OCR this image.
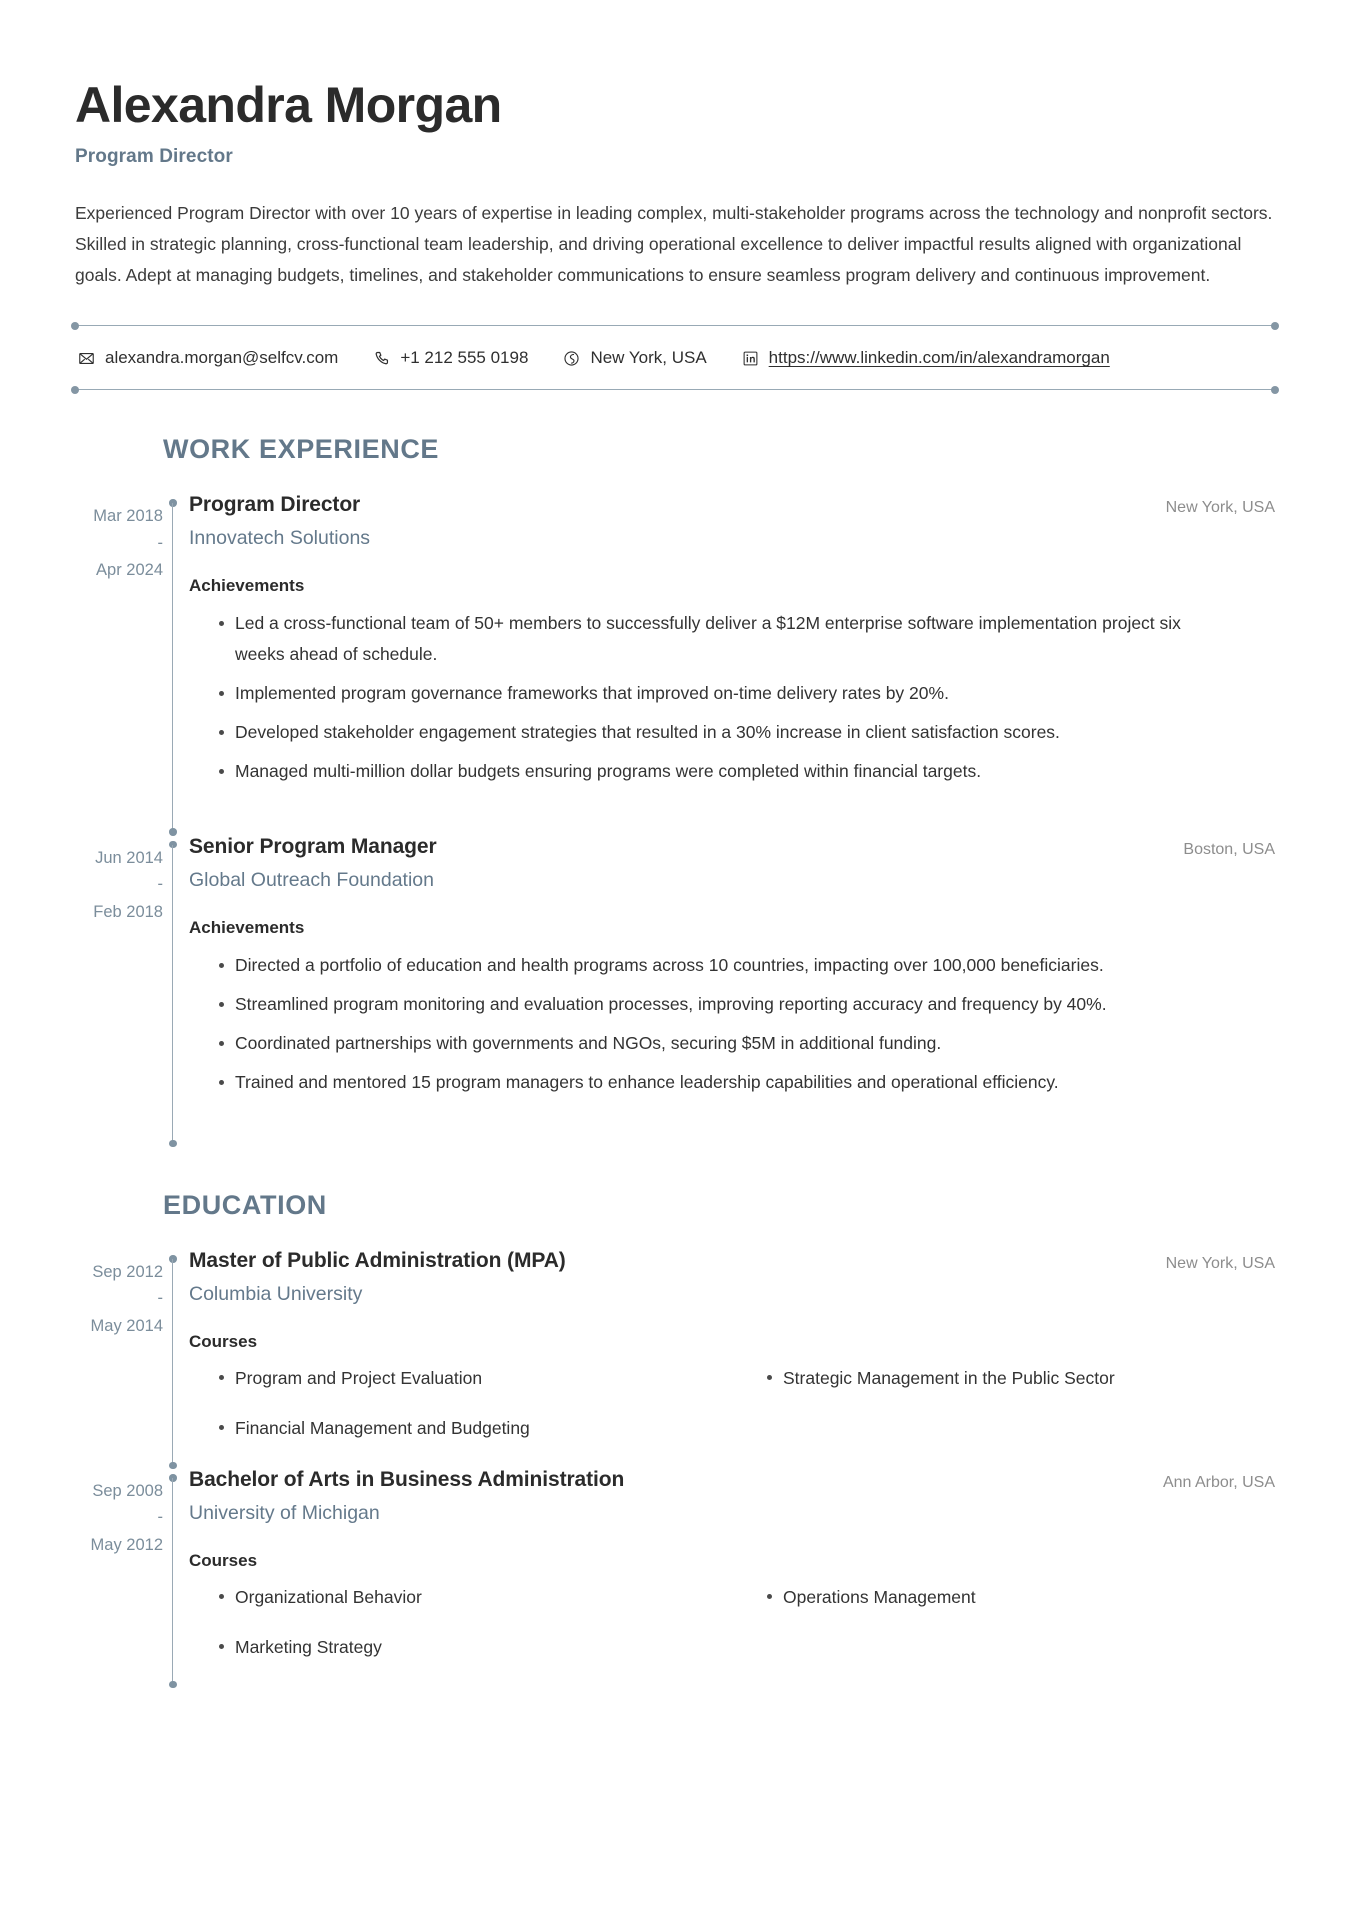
Alexandra Morgan
Program Director

Experienced Program Director with over 10 years of expertise in leading complex, multi-stakeholder programs across the technology and nonprofit sectors. Skilled in strategic planning, cross-functional team leadership, and driving operational excellence to deliver impactful results aligned with organizational goals. Adept at managing budgets, timelines, and stakeholder communications to ensure seamless program delivery and continuous improvement.

alexandra.morgan@selfcv.com	+1 212 555 0198	New York, USA	https://www.linkedin.com/in/alexandramorgan
WORK EXPERIENCE
Mar 2018
-
Apr 2024
Program Director	New York, USA
Innovatech Solutions
Achievements
Led a cross-functional team of 50+ members to successfully deliver a $12M enterprise software implementation project six weeks ahead of schedule.
Implemented program governance frameworks that improved on-time delivery rates by 20%.
Developed stakeholder engagement strategies that resulted in a 30% increase in client satisfaction scores.
Managed multi-million dollar budgets ensuring programs were completed within financial targets.
Jun 2014
-
Feb 2018
Senior Program Manager	Boston, USA
Global Outreach Foundation
Achievements
Directed a portfolio of education and health programs across 10 countries, impacting over 100,000 beneficiaries.
Streamlined program monitoring and evaluation processes, improving reporting accuracy and frequency by 40%.
Coordinated partnerships with governments and NGOs, securing $5M in additional funding.
Trained and mentored 15 program managers to enhance leadership capabilities and operational efficiency.
EDUCATION
Sep 2012
-
May 2014
Master of Public Administration (MPA)	New York, USA
Columbia University
Courses
Program and Project Evaluation	Strategic Management in the Public Sector
Financial Management and Budgeting
Sep 2008
-
May 2012
Bachelor of Arts in Business Administration	Ann Arbor, USA
University of Michigan
Courses
Organizational Behavior	Operations Management
Marketing Strategy
